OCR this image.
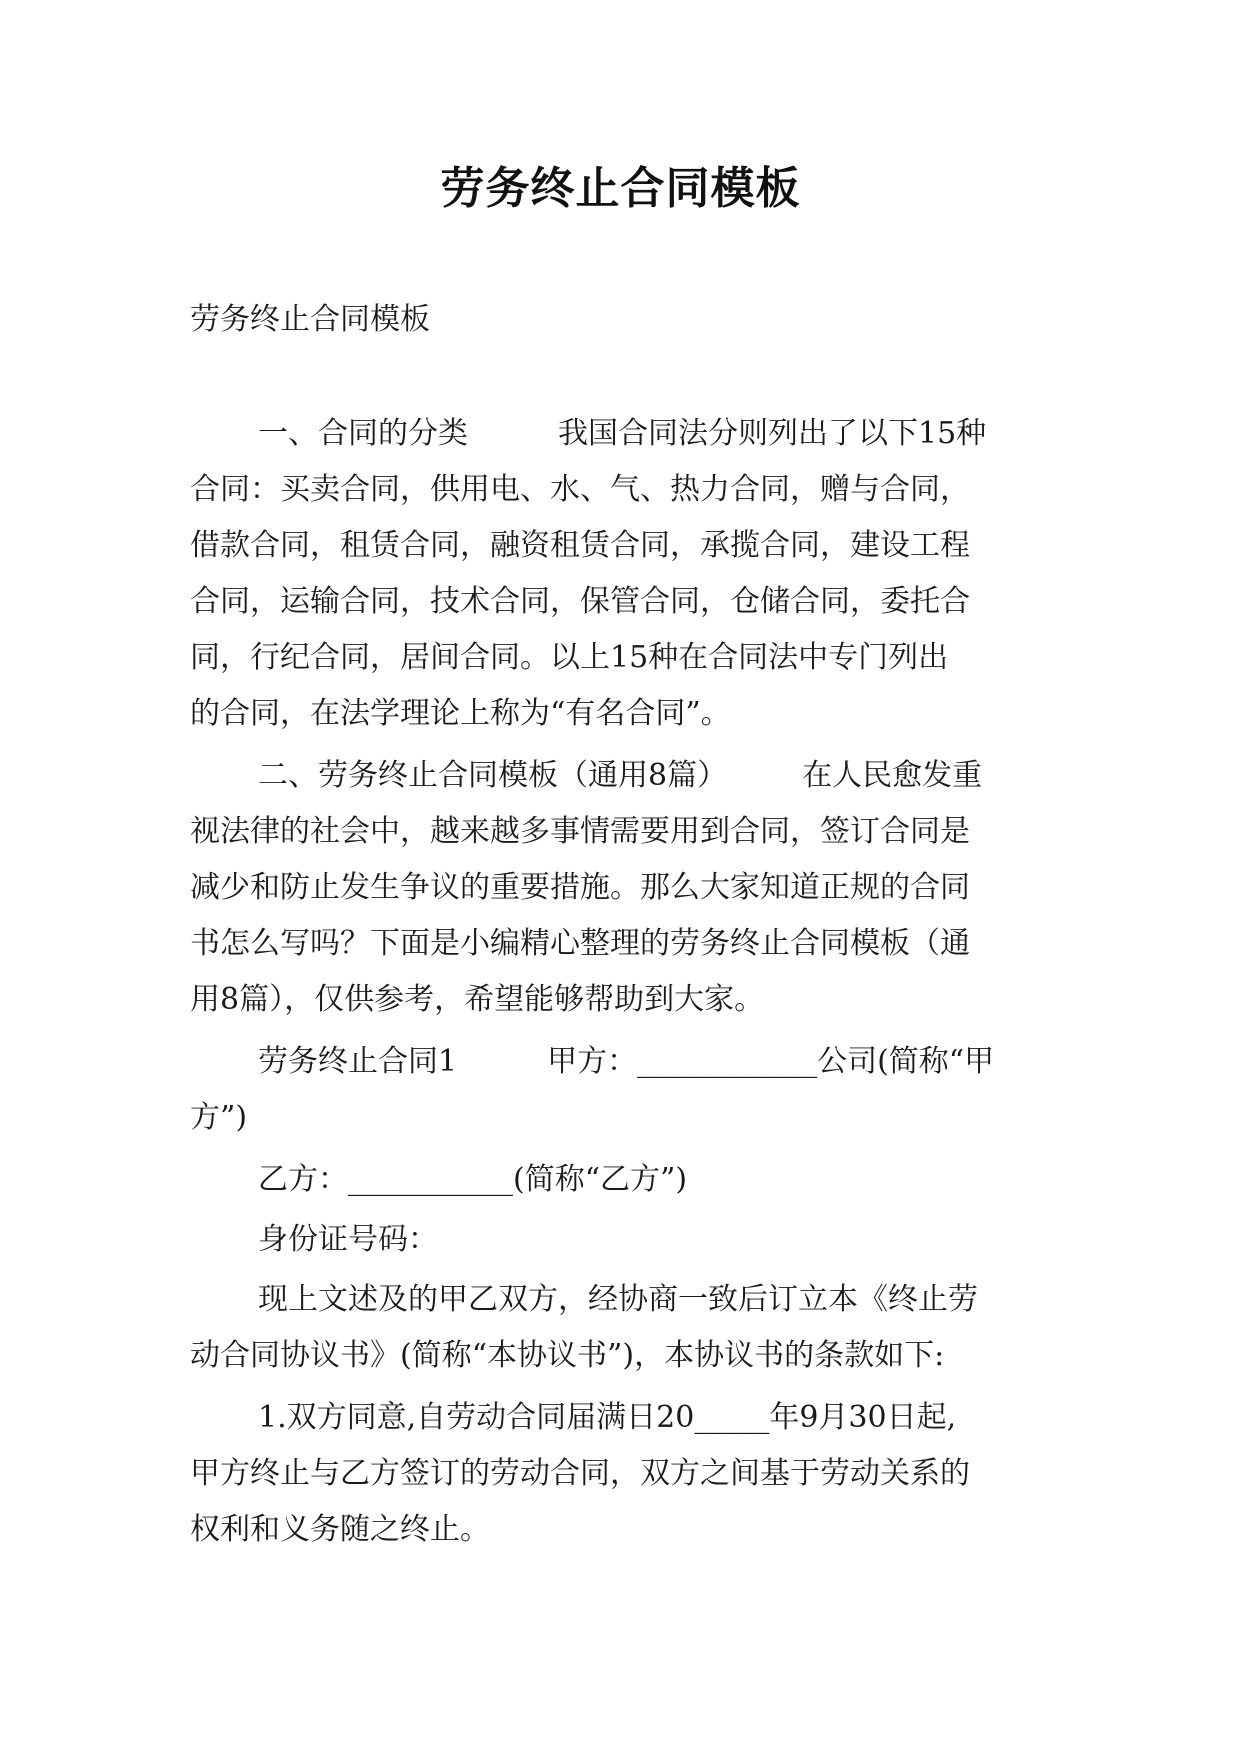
劳务终止合同模板
劳务终止合同模板
一、合同的分类　　　我国合同法分则列出了以下15种
合同：买卖合同，供用电、水、气、热力合同，赠与合同，
借款合同，租赁合同，融资租赁合同，承揽合同，建设工程
合同，运输合同，技术合同，保管合同，仓储合同，委托合
同，行纪合同，居间合同。以上15种在合同法中专门列出
的合同，在法学理论上称为“有名合同”。
二、劳务终止合同模板（通用8篇）　　　在人民愈发重
视法律的社会中，越来越多事情需要用到合同，签订合同是
减少和防止发生争议的重要措施。那么大家知道正规的合同
书怎么写吗？下面是小编精心整理的劳务终止合同模板（通
用8篇），仅供参考，希望能够帮助到大家。
劳务终止合同1　　　甲方：____________公司(简称“甲
方”)
乙方：___________(简称“乙方”)
身份证号码：
现上文述及的甲乙双方，经协商一致后订立本《终止劳
动合同协议书》(简称“本协议书”)，本协议书的条款如下:
1.双方同意,自劳动合同届满日20_____年9月30日起,
甲方终止与乙方签订的劳动合同，双方之间基于劳动关系的
权利和义务随之终止。
